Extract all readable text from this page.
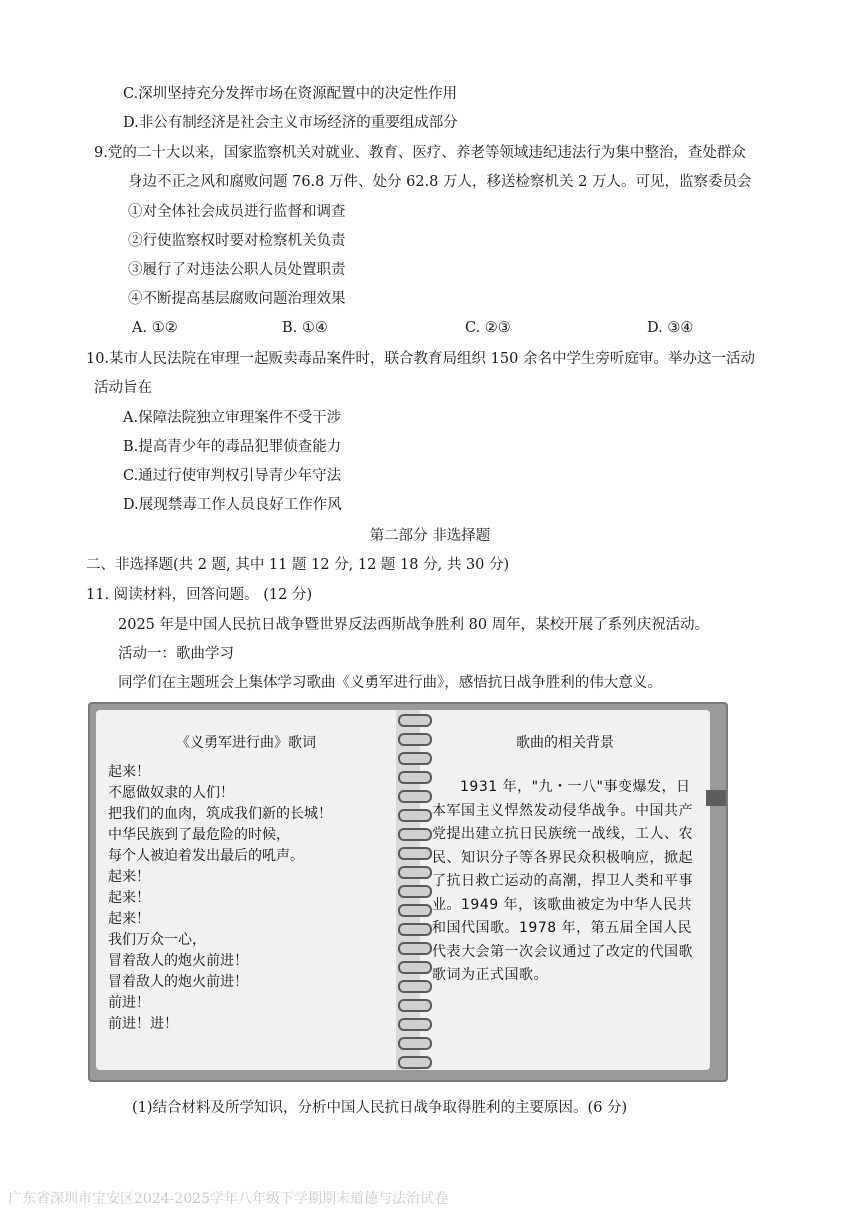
C.深圳坚持充分发挥市场在资源配置中的决定性作用
D.非公有制经济是社会主义市场经济的重要组成部分
9.党的二十大以来，国家监察机关对就业、教育、医疗、养老等领域违纪违法行为集中整治，查处群众
身边不正之风和腐败问题 76.8 万件、处分 62.8 万人，移送检察机关 2 万人。可见，监察委员会
①对全体社会成员进行监督和调查
②行使监察权时要对检察机关负责
③履行了对违法公职人员处置职责
④不断提高基层腐败问题治理效果
A. ①②	B. ①④	C. ②③	D. ③④
10.某市人民法院在审理一起贩卖毒品案件时，联合教育局组织 150 余名中学生旁听庭审。举办这一活动
活动旨在
A.保障法院独立审理案件不受干涉
B.提高青少年的毒品犯罪侦查能力
C.通过行使审判权引导青少年守法
D.展现禁毒工作人员良好工作作风
第二部分 非选择题
二、非选择题(共 2 题, 其中 11 题 12 分, 12 题 18 分, 共 30 分)
11. 阅读材料，回答问题。 (12 分)
2025 年是中国人民抗日战争暨世界反法西斯战争胜利 80 周年，某校开展了系列庆祝活动。
活动一：歌曲学习
同学们在主题班会上集体学习歌曲《义勇军进行曲》，感悟抗日战争胜利的伟大意义。
《义勇军进行曲》歌词
起来！
不愿做奴隶的人们！
把我们的血肉，筑成我们新的长城！
中华民族到了最危险的时候，
每个人被迫着发出最后的吼声。
起来！
起来！
起来！
我们万众一心，
冒着敌人的炮火前进！
冒着敌人的炮火前进！
前进！
前进！进！
歌曲的相关背景
1931 年，"九・一八"事变爆发，日本军国主义悍然发动侵华战争。中国共产党提出建立抗日民族统一战线，工人、农民、知识分子等各界民众积极响应，掀起了抗日救亡运动的高潮，捍卫人类和平事业。1949 年，该歌曲被定为中华人民共和国代国歌。1978 年，第五届全国人民代表大会第一次会议通过了改定的代国歌歌词为正式国歌。
(1)结合材料及所学知识，分析中国人民抗日战争取得胜利的主要原因。(6 分)
广东省深圳市宝安区2024-2025学年八年级下学期期末道德与法治试卷
